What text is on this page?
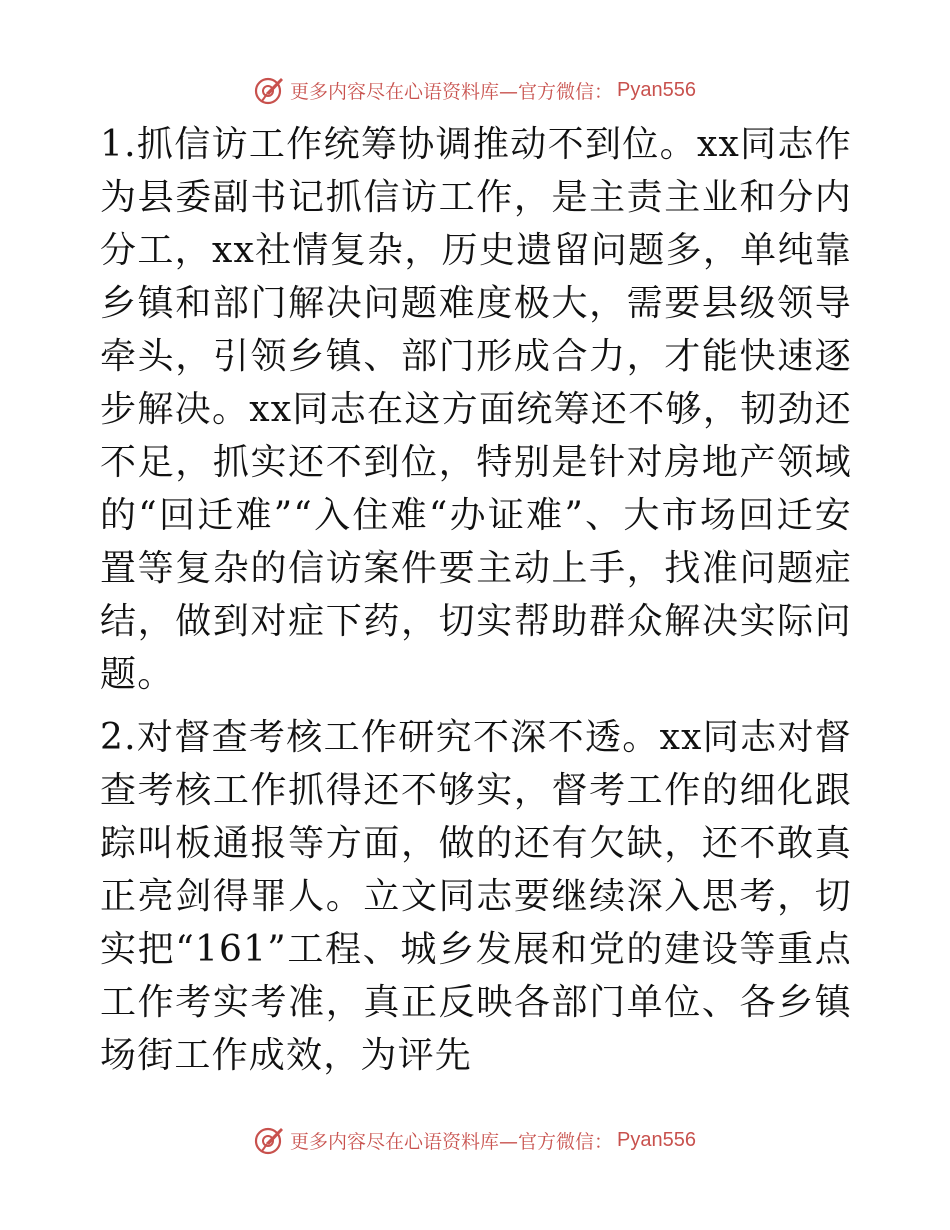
更多内容尽在心语资料库—官方微信： Pyan556

1.抓信访工作统筹协调推动不到位。xx同志作为县委副书记抓信访工作，是主责主业和分内分工，xx社情复杂，历史遗留问题多，单纯靠乡镇和部门解决问题难度极大，需要县级领导牵头，引领乡镇、部门形成合力，才能快速逐步解决。xx同志在这方面统筹还不够，韧劲还不足，抓实还不到位，特别是针对房地产领域的“回迁难”“入住难“办证难”、大市场回迁安置等复杂的信访案件要主动上手，找准问题症结，做到对症下药，切实帮助群众解决实际问题。

2.对督查考核工作研究不深不透。xx同志对督查考核工作抓得还不够实，督考工作的细化跟踪叫板通报等方面，做的还有欠缺，还不敢真正亮剑得罪人。立文同志要继续深入思考，切实把“161”工程、城乡发展和党的建设等重点工作考实考准，真正反映各部门单位、各乡镇场街工作成效，为评先

更多内容尽在心语资料库—官方微信： Pyan556
